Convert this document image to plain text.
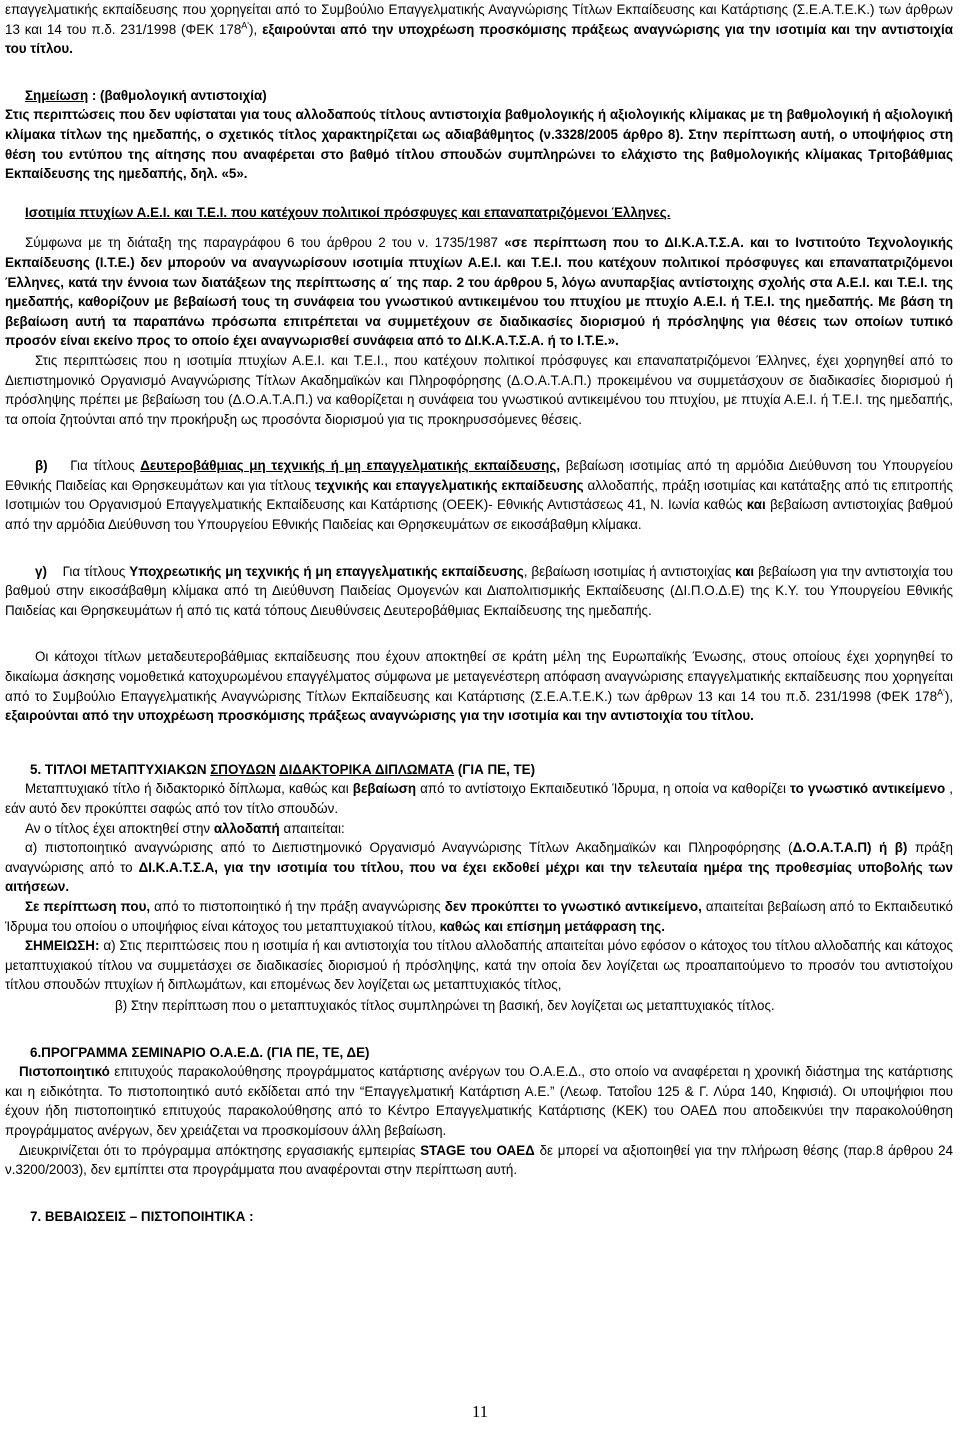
επαγγελματικής εκπαίδευσης που χορηγείται από το Συμβούλιο Επαγγελματικής Αναγνώρισης Τίτλων Εκπαίδευσης και Κατάρτισης (Σ.Ε.Α.Τ.Ε.Κ.) των άρθρων 13 και 14 του π.δ. 231/1998 (ΦΕΚ $178^{A'}$), εξαιρούνται από την υποχρέωση προσκόμισης πράξεως αναγνώρισης για την ισοτιμία και την αντιστοιχία του τίτλου.

Σημείωση : (βαθμολογική αντιστοιχία)

Στις περιπτώσεις που δεν υφίσταται για τους αλλοδαπούς τίτλους αντιστοιχία βαθμολογικής ή αξιολογικής κλίμακας με τη βαθμολογική ή αξιολογική κλίμακα τίτλων της ημεδαπής, ο σχετικός τίτλος χαρακτηρίζεται ως αδιαβάθμητος (ν.3328/2005 άρθρο 8). Στην περίπτωση αυτή, ο υποψήφιος στη θέση του εντύπου της αίτησης που αναφέρεται στο βαθμό τίτλου σπουδών συμπληρώνει το ελάχιστο της βαθμολογικής κλίμακας Τριτοβάθμιας Εκπαίδευσης της ημεδαπής, δηλ. «5».

Ισοτιμία πτυχίων Α.Ε.Ι. και Τ.Ε.Ι. που κατέχουν πολιτικοί πρόσφυγες και επαναπατριζόμενοι Έλληνες.

Σύμφωνα με τη διάταξη της παραγράφου 6 του άρθρου 2 του ν. 1735/1987 «σε περίπτωση που το ΔΙ.Κ.Α.Τ.Σ.Α. και το Ινστιτούτο Τεχνολογικής Εκπαίδευσης (Ι.Τ.Ε.) δεν μπορούν να αναγνωρίσουν ισοτιμία πτυχίων Α.Ε.Ι. και Τ.Ε.Ι. που κατέχουν πολιτικοί πρόσφυγες και επαναπατριζόμενοι Έλληνες, κατά την έννοια των διατάξεων της περίπτωσης α΄ της παρ. 2 του άρθρου 5, λόγω ανυπαρξίας αντίστοιχης σχολής στα Α.Ε.Ι. και Τ.Ε.Ι. της ημεδαπής, καθορίζουν με βεβαίωσή τους τη συνάφεια του γνωστικού αντικειμένου του πτυχίου με πτυχίο Α.Ε.Ι. ή Τ.Ε.Ι. της ημεδαπής. Με βάση τη βεβαίωση αυτή τα παραπάνω πρόσωπα επιτρέπεται να συμμετέχουν σε διαδικασίες διορισμού ή πρόσληψης για θέσεις των οποίων τυπικό προσόν είναι εκείνο προς το οποίο έχει αναγνωρισθεί συνάφεια από το ΔΙ.Κ.Α.Τ.Σ.Α. ή το Ι.Τ.Ε.».

Στις περιπτώσεις που η ισοτιμία πτυχίων Α.Ε.Ι. και Τ.Ε.Ι., που κατέχουν πολιτικοί πρόσφυγες και επαναπατριζόμενοι Έλληνες, έχει χορηγηθεί από το Διεπιστημονικό Οργανισμό Αναγνώρισης Τίτλων Ακαδημαϊκών και Πληροφόρησης (Δ.Ο.Α.Τ.Α.Π.) προκειμένου να συμμετάσχουν σε διαδικασίες διορισμού ή πρόσληψης πρέπει με βεβαίωση του (Δ.Ο.Α.Τ.Α.Π.) να καθορίζεται η συνάφεια του γνωστικού αντικειμένου του πτυχίου, με πτυχία Α.Ε.Ι. ή Τ.Ε.Ι. της ημεδαπής, τα οποία ζητούνται από την προκήρυξη ως προσόντα διορισμού για τις προκηρυσσόμενες θέσεις.

β) Για τίτλους Δευτεροβάθμιας μη τεχνικής ή μη επαγγελματικής εκπαίδευσης, βεβαίωση ισοτιμίας από τη αρμόδια Διεύθυνση του Υπουργείου Εθνικής Παιδείας και Θρησκευμάτων και για τίτλους τεχνικής και επαγγελματικής εκπαίδευσης αλλοδαπής, πράξη ισοτιμίας και κατάταξης από τις επιτροπής Ισοτιμιών του Οργανισμού Επαγγελματικής Εκπαίδευσης και Κατάρτισης (ΟΕΕΚ)- Εθνικής Αντιστάσεως 41, Ν. Ιωνία καθώς και βεβαίωση αντιστοιχίας βαθμού από την αρμόδια Διεύθυνση του Υπουργείου Εθνικής Παιδείας και Θρησκευμάτων σε εικοσάβαθμη κλίμακα.

γ) Για τίτλους Υποχρεωτικής μη τεχνικής ή μη επαγγελματικής εκπαίδευσης, βεβαίωση ισοτιμίας ή αντιστοιχίας και βεβαίωση για την αντιστοιχία του βαθμού στην εικοσάβαθμη κλίμακα από τη Διεύθυνση Παιδείας Ομογενών και Διαπολιτισμικής Εκπαίδευσης (ΔΙ.Π.Ο.Δ.Ε) της Κ.Υ. του Υπουργείου Εθνικής Παιδείας και Θρησκευμάτων ή από τις κατά τόπους Διευθύνσεις Δευτεροβάθμιας Εκπαίδευσης της ημεδαπής.

Οι κάτοχοι τίτλων μεταδευτεροβάθμιας εκπαίδευσης που έχουν αποκτηθεί σε κράτη μέλη της Ευρωπαϊκής Ένωσης, στους οποίους έχει χορηγηθεί το δικαίωμα άσκησης νομοθετικά κατοχυρωμένου επαγγέλματος σύμφωνα με μεταγενέστερη απόφαση αναγνώρισης επαγγελματικής εκπαίδευσης που χορηγείται από το Συμβούλιο Επαγγελματικής Αναγνώρισης Τίτλων Εκπαίδευσης και Κατάρτισης (Σ.Ε.Α.Τ.Ε.Κ.) των άρθρων 13 και 14 του π.δ. 231/1998 (ΦΕΚ $178^{A'}$), εξαιρούνται από την υποχρέωση προσκόμισης πράξεως αναγνώρισης για την ισοτιμία και την αντιστοιχία του τίτλου.

5. ΤΙΤΛΟΙ ΜΕΤΑΠΤΥΧΙΑΚΩΝ ΣΠΟΥΔΩΝ ΔΙΔΑΚΤΟΡΙΚΑ ΔΙΠΛΩΜΑΤΑ (ΓΙΑ ΠΕ, ΤΕ)

Μεταπτυχιακό τίτλο ή διδακτορικό δίπλωμα, καθώς και βεβαίωση από το αντίστοιχο Εκπαιδευτικό Ίδρυμα, η οποία να καθορίζει το γνωστικό αντικείμενο , εάν αυτό δεν προκύπτει σαφώς από τον τίτλο σπουδών.

Αν ο τίτλος έχει αποκτηθεί στην αλλοδαπή απαιτείται:

α) πιστοποιητικό αναγνώρισης από το Διεπιστημονικό Οργανισμό Αναγνώρισης Τίτλων Ακαδημαϊκών και Πληροφόρησης (Δ.Ο.Α.Τ.Α.Π) ή β) πράξη αναγνώρισης από το ΔΙ.Κ.Α.Τ.Σ.Α, για την ισοτιμία του τίτλου, που να έχει εκδοθεί μέχρι και την τελευταία ημέρα της προθεσμίας υποβολής των αιτήσεων.

Σε περίπτωση που, από το πιστοποιητικό ή την πράξη αναγνώρισης δεν προκύπτει το γνωστικό αντικείμενο, απαιτείται βεβαίωση από το Εκπαιδευτικό Ίδρυμα του οποίου ο υποψήφιος είναι κάτοχος του μεταπτυχιακού τίτλου, καθώς και επίσημη μετάφραση της.

ΣΗΜΕΙΩΣΗ: α) Στις περιπτώσεις που η ισοτιμία ή και αντιστοιχία του τίτλου αλλοδαπής απαιτείται μόνο εφόσον ο κάτοχος του τίτλου αλλοδαπής και κάτοχος μεταπτυχιακού τίτλου να συμμετάσχει σε διαδικασίες διορισμού ή πρόσληψης, κατά την οποία δεν λογίζεται ως προαπαιτούμενο το προσόν του αντιστοίχου τίτλου σπουδών πτυχίων ή διπλωμάτων, και επομένως δεν λογίζεται ως μεταπτυχιακός τίτλος,

β) Στην περίπτωση που ο μεταπτυχιακός τίτλος συμπληρώνει τη βασική, δεν λογίζεται ως μεταπτυχιακός τίτλος.

6.ΠΡΟΓΡΑΜΜΑ ΣΕΜΙΝΑΡΙΟ Ο.Α.Ε.Δ. (ΓΙΑ ΠΕ, ΤΕ, ΔΕ)

Πιστοποιητικό επιτυχούς παρακολούθησης προγράμματος κατάρτισης ανέργων του Ο.Α.Ε.Δ., στο οποίο να αναφέρεται η χρονική διάστημα της κατάρτισης και η ειδικότητα. Το πιστοποιητικό αυτό εκδίδεται από την “Επαγγελματική Κατάρτιση Α.Ε.” (Λεωφ. Τατοΐου 125 & Γ. Λύρα 140, Κηφισιά). Οι υποψήφιοι που έχουν ήδη πιστοποιητικό επιτυχούς παρακολούθησης από το Κέντρο Επαγγελματικής Κατάρτισης (ΚΕΚ) του ΟΑΕΔ που αποδεικνύει την παρακολούθηση προγράμματος ανέργων, δεν χρειάζεται να προσκομίσουν άλλη βεβαίωση.

Διευκρινίζεται ότι το πρόγραμμα απόκτησης εργασιακής εμπειρίας STAGE του ΟΑΕΔ δε μπορεί να αξιοποιηθεί για την πλήρωση θέσης (παρ.8 άρθρου 24 ν.3200/2003), δεν εμπίπτει στα προγράμματα που αναφέρονται στην περίπτωση αυτή.

7. ΒΕΒΑΙΩΣΕΙΣ – ΠΙΣΤΟΠΟΙΗΤΙΚΑ :

11
